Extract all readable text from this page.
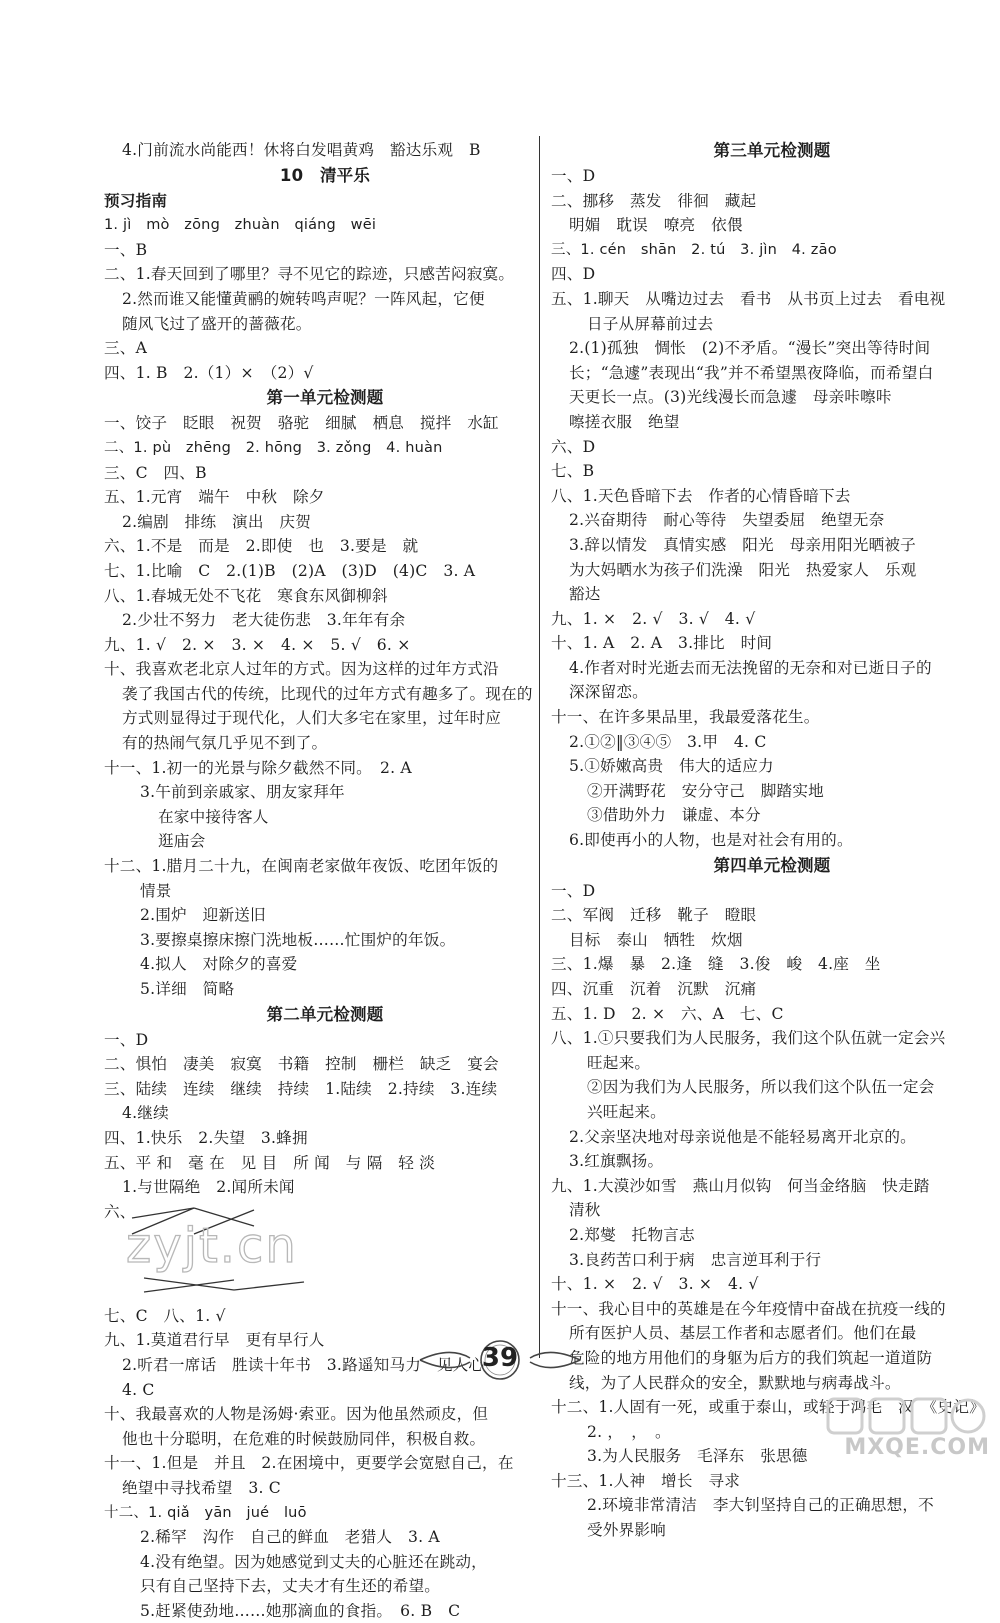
4.门前流水尚能西！休将白发唱黄鸡　豁达乐观　B
10　清平乐
预习指南
1. jì　mò　zōng　zhuàn　qiáng　wēi
一、B
二、1.春天回到了哪里？寻不见它的踪迹，只感苦闷寂寞。
2.然而谁又能懂黄鹂的婉转鸣声呢？一阵风起，它便
随风飞过了盛开的蔷薇花。
三、A
四、1. B　2.（1）×　（2）√
第一单元检测题
一、饺子　眨眼　祝贺　骆驼　细腻　栖息　搅拌　水缸
二、1. pù　zhēng　2. hōng　3. zǒng　4. huàn
三、C　四、B
五、1.元宵　端午　中秋　除夕
2.编剧　排练　演出　庆贺
六、1.不是　而是　2.即使　也　3.要是　就
七、1.比喻　C　2.(1)B　(2)A　(3)D　(4)C　3. A
八、1.春城无处不飞花　寒食东风御柳斜
2.少壮不努力　老大徒伤悲　3.年年有余
九、1. √　2. ×　3. ×　4. ×　5. √　6. ×
十、我喜欢老北京人过年的方式。因为这样的过年方式沿
袭了我国古代的传统，比现代的过年方式有趣多了。现在的
方式则显得过于现代化，人们大多宅在家里，过年时应
有的热闹气氛几乎见不到了。
十一、1.初一的光景与除夕截然不同。　2. A
3.午前到亲戚家、朋友家拜年
在家中接待客人
逛庙会
十二、1.腊月二十九，在闽南老家做年夜饭、吃团年饭的
情景
2.围炉　迎新送旧
3.要擦桌擦床擦门洗地板……忙围炉的年饭。
4.拟人　对除夕的喜爱
5.详细　简略
第二单元检测题
一、D
二、惧怕　凄美　寂寞　书籍　控制　栅栏　缺乏　宴会
三、陆续　连续　继续　持续　1.陆续　2.持续　3.连续
4.继续
四、1.快乐　2.失望　3.蜂拥
五、平 和　毫 在　见 目　所 闻　与 隔　轻 淡
1.与世隔绝　2.闻所未闻
六、
zyjt.cn
七、C　八、1. √
九、1.莫道君行早　更有早行人
2.听君一席话　胜读十年书　3.路遥知马力　见人心
4. C
十、我最喜欢的人物是汤姆·索亚。因为他虽然顽皮，但
他也十分聪明，在危难的时候鼓励同伴，积极自救。
十一、1.但是　并且　2.在困境中，更要学会宽慰自己，在
绝望中寻找希望　3. C
十二、1. qiǎ　yān　jué　luō
2.稀罕　沟作　自己的鲜血　老猎人　3. A
4.没有绝望。因为她感觉到丈夫的心脏还在跳动，
只有自己坚持下去，丈夫才有生还的希望。
5.赶紧使劲地……她那滴血的食指。　6. B　C
第三单元检测题
一、D
二、挪移　蒸发　徘徊　藏起
明媚　耽误　嘹亮　依偎
三、1. cén　shān　2. tú　3. jìn　4. zāo
四、D
五、1.聊天　从嘴边过去　看书　从书页上过去　看电视
日子从屏幕前过去
2.(1)孤独　惆怅　(2)不矛盾。“漫长”突出等待时间
长；“急遽”表现出“我”并不希望黑夜降临，而希望白
天更长一点。(3)光线漫长而急遽　母亲咔嚓咔
嚓搓衣服　绝望
六、D
七、B
八、1.天色昏暗下去　作者的心情昏暗下去
2.兴奋期待　耐心等待　失望委屈　绝望无奈
3.辞以情发　真情实感　阳光　母亲用阳光晒被子
为大妈晒水为孩子们洗澡　阳光　热爱家人　乐观
豁达
九、1. ×　2. √　3. √　4. √
十、1. A　2. A　3.排比　时间
4.作者对时光逝去而无法挽留的无奈和对已逝日子的
深深留恋。
十一、在许多果品里，我最爱落花生。
2.①②‖③④⑤　3.甲　4. C
5.①娇嫩高贵　伟大的适应力
②开满野花　安分守己　脚踏实地
③借助外力　谦虚、本分
6.即使再小的人物，也是对社会有用的。
第四单元检测题
一、D
二、军阀　迁移　靴子　瞪眼
目标　泰山　牺牲　炊烟
三、1.爆　暴　2.逢　缝　3.俊　峻　4.座　坐
四、沉重　沉着　沉默　沉痛
五、1. D　2. ×　六、A　七、C
八、1.①只要我们为人民服务，我们这个队伍就一定会兴
旺起来。
②因为我们为人民服务，所以我们这个队伍一定会
兴旺起来。
2.父亲坚决地对母亲说他是不能轻易离开北京的。
3.红旗飘扬。
九、1.大漠沙如雪　燕山月似钩　何当金络脑　快走踏
清秋
2.郑燮　托物言志
3.良药苦口利于病　忠言逆耳利于行
十、1. ×　2. √　3. ×　4. √
十一、我心目中的英雄是在今年疫情中奋战在抗疫一线的
所有医护人员、基层工作者和志愿者们。他们在最
危险的地方用他们的身躯为后方的我们筑起一道道防
线，为了人民群众的安全，默默地与病毒战斗。
十二、1.人固有一死，或重于泰山，或轻于鸿毛　汉　《史记》
2. ，　，　。
3.为人民服务　毛泽东　张思德
十三、1.人神　增长　寻求
2.环境非常清洁　李大钊坚持自己的正确思想，不
受外界影响
39
MXQE.COM
